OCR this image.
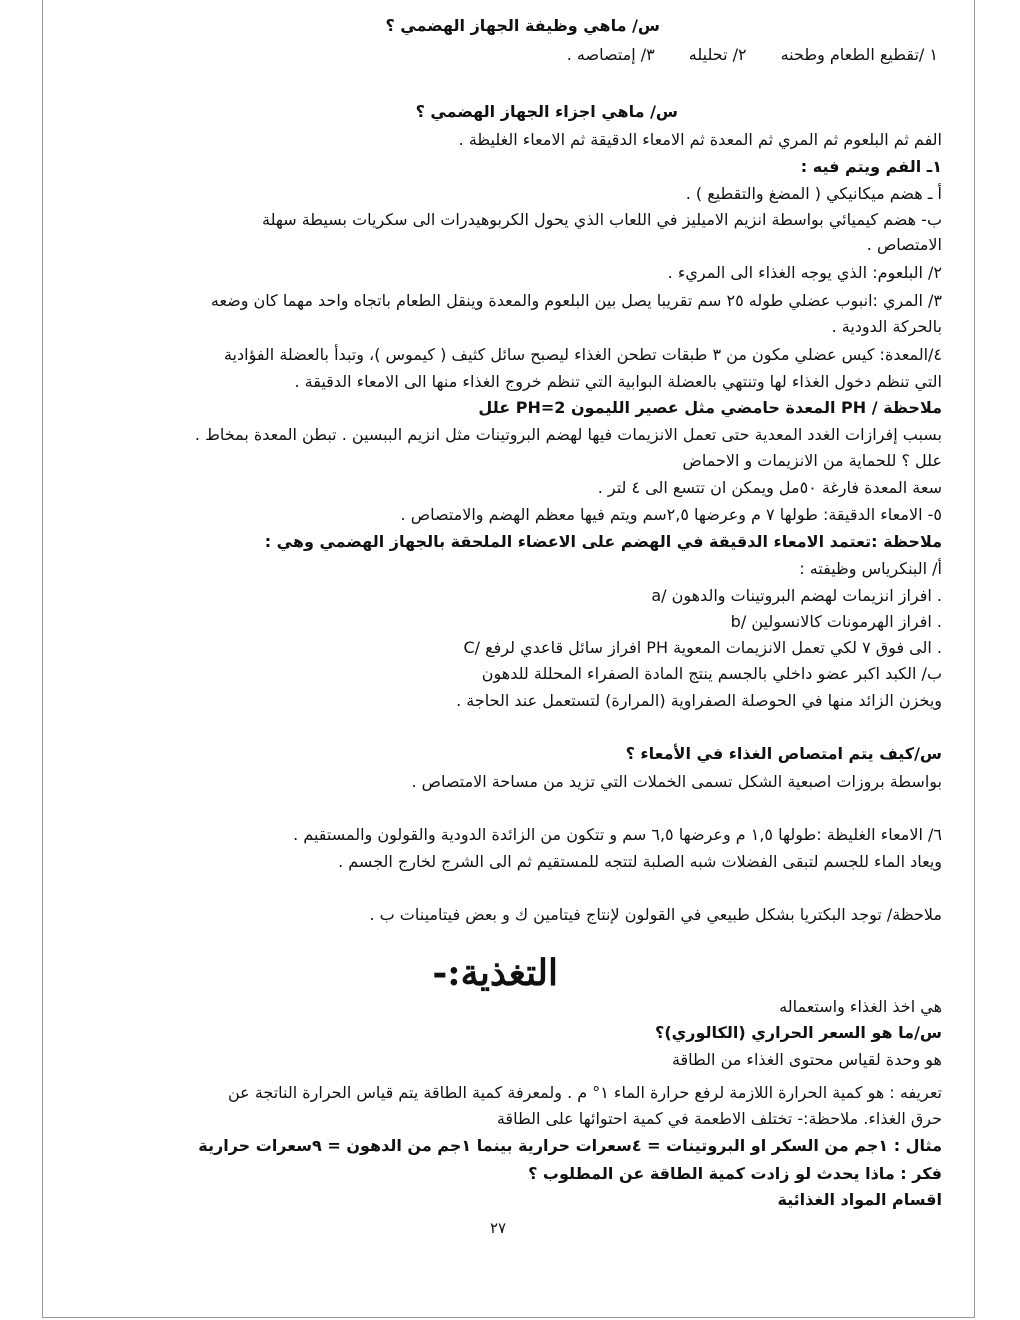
س/ ماهي وظيفة الجهاز الهضمي ؟
١ /تقطيع الطعام وطحنه٢/ تحليله٣/ إمتصاصه .
س/ ماهي اجزاء الجهاز الهضمي ؟
الفم ثم البلعوم ثم المري ثم المعدة ثم الامعاء الدقيقة ثم الامعاء الغليظة .
١ـ الفم ويتم فيه :
أ ـ هضم ميكانيكي ( المضغ والتقطيع ) .
ب- هضم كيميائي بواسطة انزيم الاميليز في اللعاب الذي يحول الكربوهيدرات الى سكريات بسيطة سهلة
الامتصاص .
٢/ البلعوم: الذي يوجه الغذاء الى المريء .
٣/ المري :انبوب عضلي طوله ٢٥ سم تقريبا يصل بين البلعوم والمعدة وينقل الطعام باتجاه واحد مهما كان وضعه
بالحركة الدودية .
٤/المعدة: كيس عضلي مكون من ٣ طبقات تطحن الغذاء ليصبح سائل كثيف ( كيموس )، وتبدأ بالعضلة الفؤادية
التي تنظم دخول الغذاء لها وتنتهي بالعضلة البوابية التي تنظم خروج الغذاء منها الى الامعاء الدقيقة .
ملاحظة / PH المعدة حامضي مثل عصير الليمون PH=2 علل
بسبب إفرازات الغدد المعدية حتى تعمل الانزيمات فيها لهضم البروتينات مثل انزيم الببسين . تبطن المعدة بمخاط .
علل ؟ للحماية من الانزيمات و الاحماض
سعة المعدة فارغة ٥٠مل ويمكن ان تتسع الى ٤ لتر .
٥- الامعاء الدقيقة: طولها ٧ م وعرضها ٢,٥سم ويتم فيها معظم الهضم والامتصاص .
ملاحظة :تعتمد الامعاء الدقيقة في الهضم على الاعضاء الملحقة بالجهاز الهضمي وهي :
أ/ البنكرياس وظيفته :
a/ افراز انزيمات لهضم البروتينات والدهون .
b/ افراز الهرمونات كالانسولين .
C/ افراز سائل قاعدي لرفع PH الى فوق ٧ لكي تعمل الانزيمات المعوية .
ب/ الكبد اكبر عضو داخلي بالجسم ينتج المادة الصفراء المحللة للدهون
ويخزن الزائد منها في الحوصلة الصفراوية (المرارة) لتستعمل عند الحاجة .
س/كيف يتم امتصاص الغذاء في الأمعاء ؟
بواسطة بروزات اصبعية الشكل تسمى الخملات التي تزيد من مساحة الامتصاص .
٦/ الامعاء الغليظة :طولها ١,٥ م وعرضها ٦,٥ سم و تتكون من الزائدة الدودية والقولون والمستقيم .
ويعاد الماء للجسم لتبقى الفضلات شبه الصلبة لتتجه للمستقيم ثم الى الشرج لخارج الجسم .
ملاحظة/ توجد البكتريا بشكل طبيعي في القولون لإنتاج فيتامين ك و بعض فيتامينات ب .
التغذية:-
هي اخذ الغذاء واستعماله
س/ما هو السعر الحراري (الكالوري)؟
هو وحدة لقياس محتوى الغذاء من الطاقة
تعريفه : هو كمية الحرارة اللازمة لرفع حرارة الماء ١° م . ولمعرفة كمية الطاقة يتم قياس الحرارة الناتجة عن
حرق الغذاء. ملاحظة:- تختلف الاطعمة في كمية احتوائها على الطاقة
مثال : ١جم من السكر او البروتينات = ٤سعرات حرارية بينما ١جم من الدهون = ٩سعرات حرارية
فكر : ماذا يحدث لو زادت كمية الطاقة عن المطلوب ؟
اقسام المواد الغذائية
٢٧
